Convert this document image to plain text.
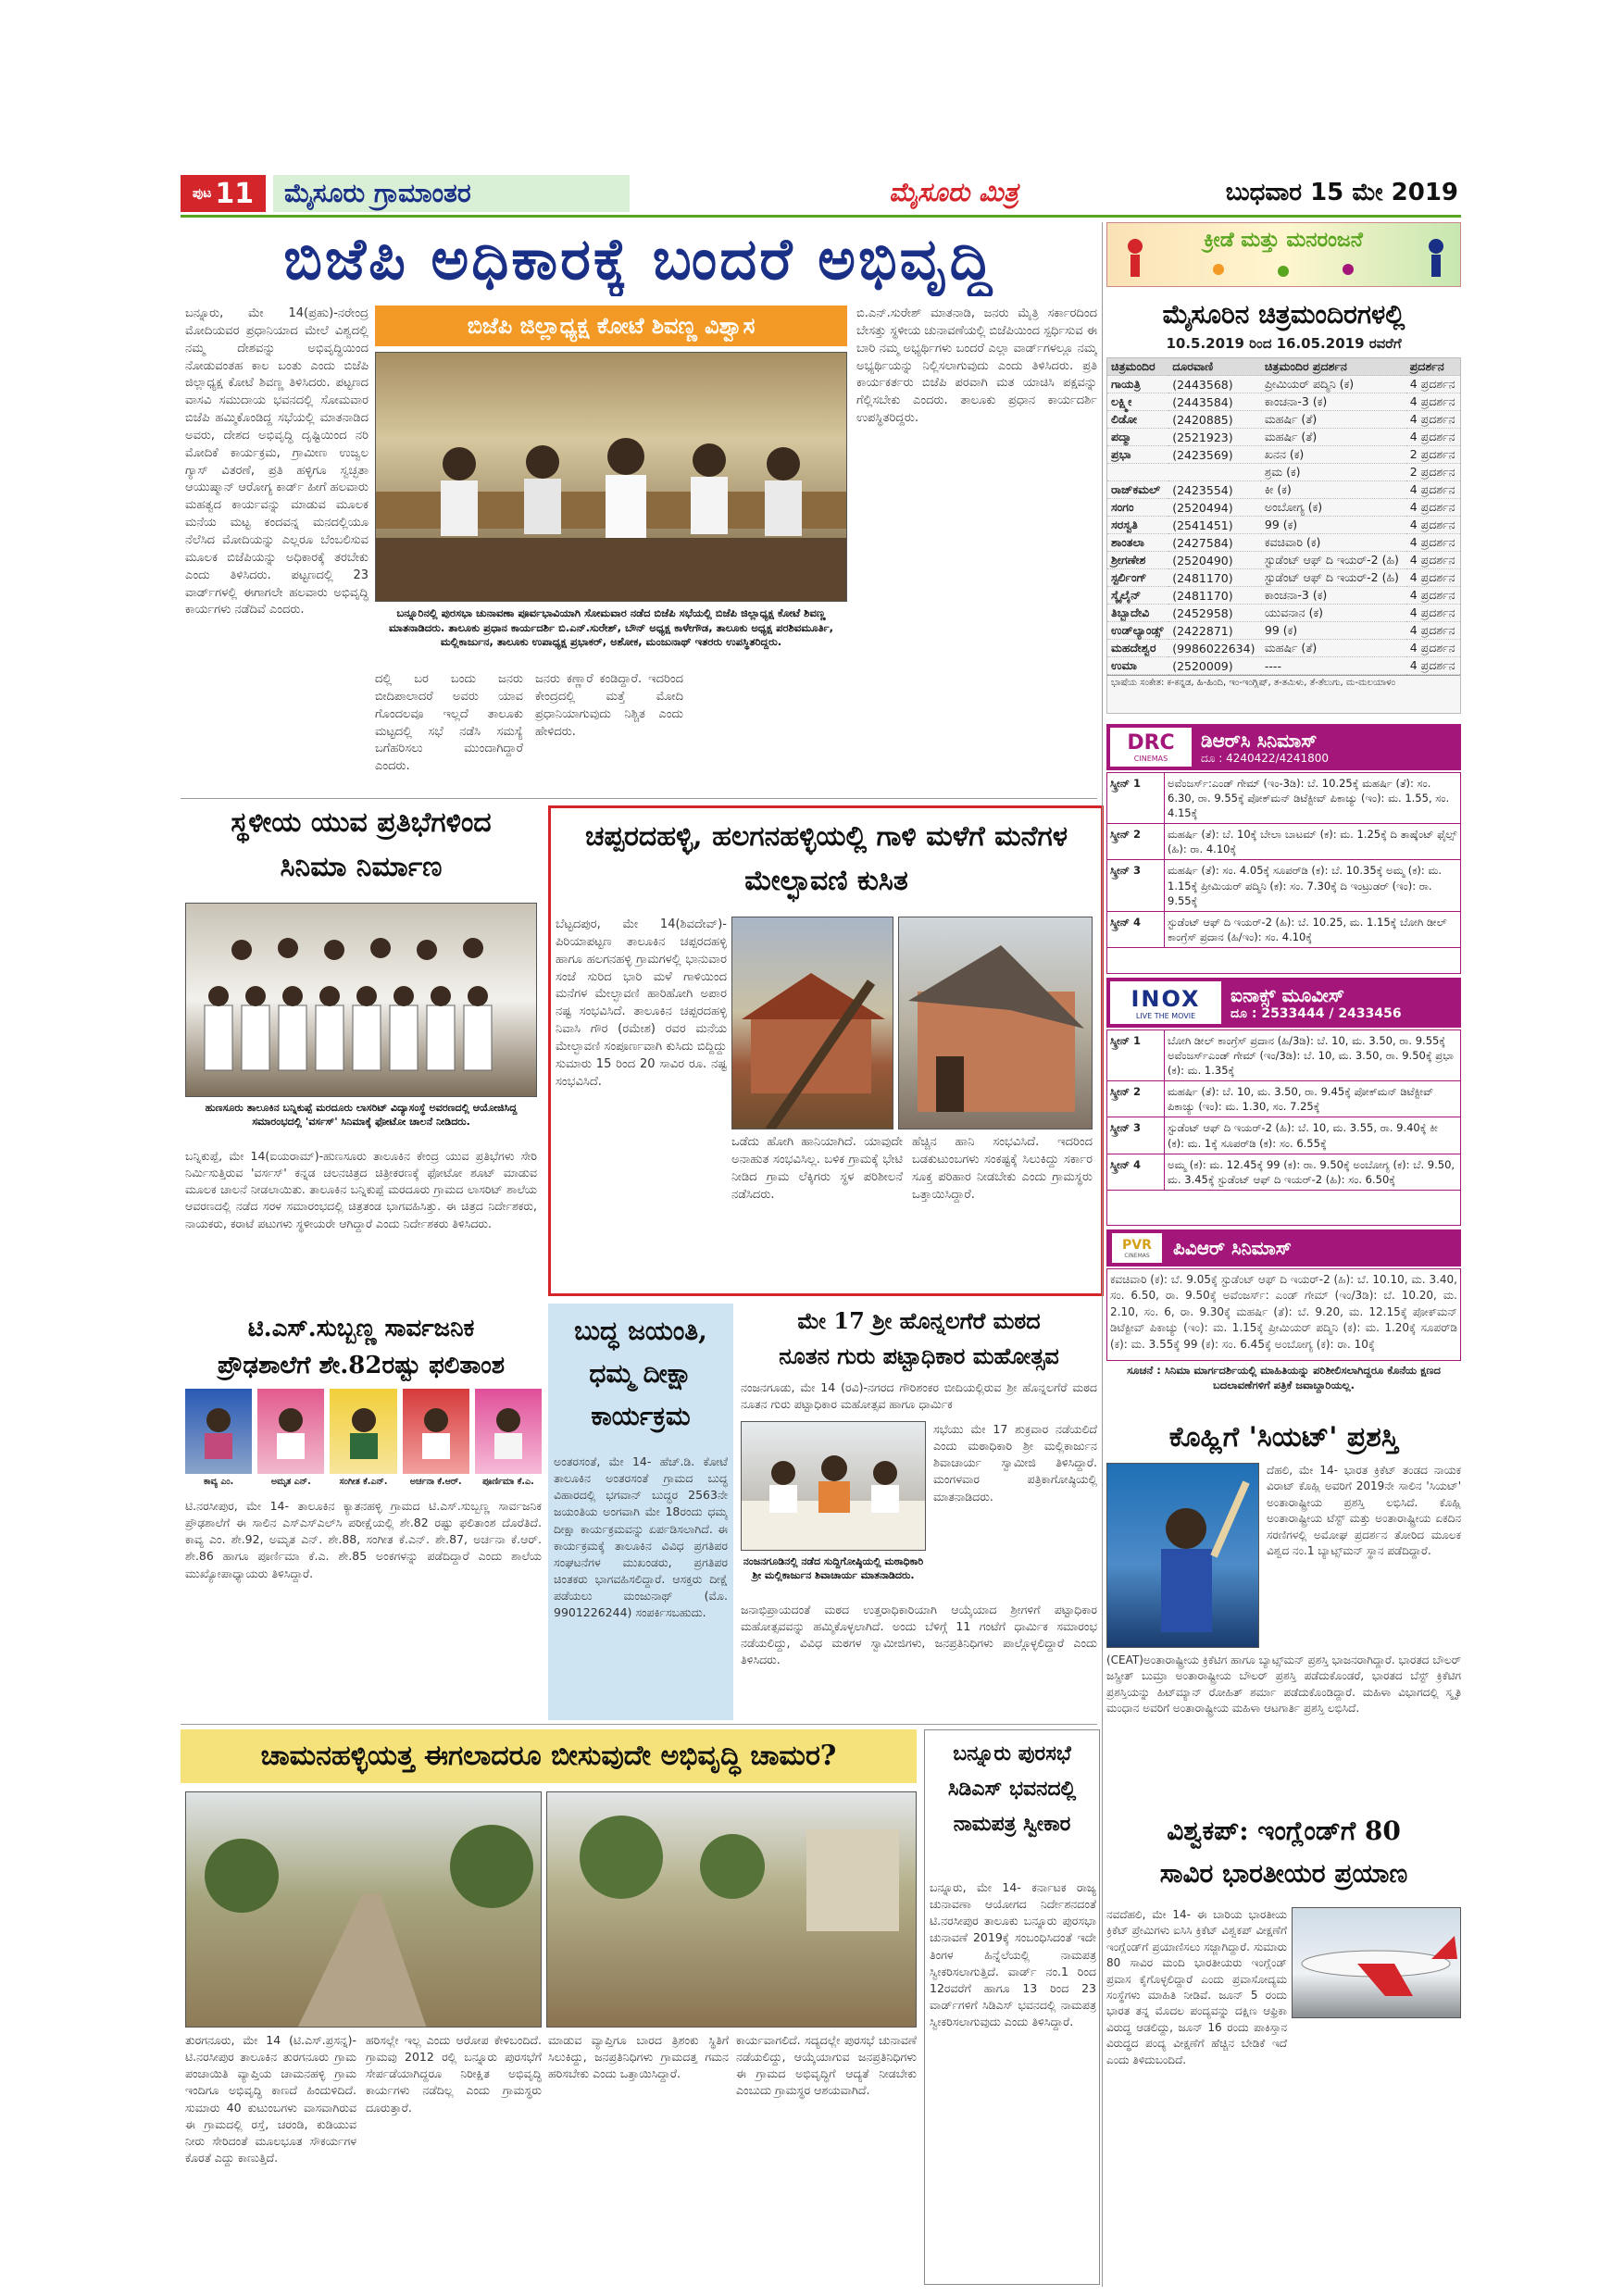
ಪುಟ 11 ಮೈಸೂರು ಗ್ರಾಮಾಂತರ	ಮೈಸೂರು ಮಿತ್ರ	ಬುಧವಾರ 15 ಮೇ 2019
ಬಿಜೆಪಿ ಅಧಿಕಾರಕ್ಕೆ ಬಂದರೆ ಅಭಿವೃದ್ಧಿ
ಬಿಜೆಪಿ ಜಿಲ್ಲಾಧ್ಯಕ್ಷ ಕೋಟೆ ಶಿವಣ್ಣ ವಿಶ್ವಾಸ
ಬನ್ನೂರು, ಮೇ 14(ಪ್ರಹು)-ನರೇಂದ್ರ ಮೋದಿಯವರ ಪ್ರಧಾನಿಯಾದ ಮೇಲೆ ವಿಶ್ವದಲ್ಲಿ ನಮ್ಮ ದೇಶವನ್ನು ಅಭಿವೃದ್ಧಿಯಿಂದ ನೋಡುವಂತಹ ಕಾಲ ಬಂತು ಎಂದು ಬಿಜೆಪಿ ಜಿಲ್ಲಾಧ್ಯಕ್ಷ ಕೋಟೆ ಶಿವಣ್ಣ ತಿಳಿಸಿದರು. ಪಟ್ಟಣದ ವಾಸವಿ ಸಮುದಾಯ ಭವನದಲ್ಲಿ ಸೋಮವಾರ ಬಿಜೆಪಿ ಹಮ್ಮಿಕೊಂಡಿದ್ದ ಸಭೆಯಲ್ಲಿ ಮಾತನಾಡಿದ ಅವರು, ದೇಶದ ಅಭಿವೃದ್ಧಿ ದೃಷ್ಟಿಯಿಂದ ನರಿ ಮೋದಿಕೆ ಕಾರ್ಯಕ್ರಮ, ಗ್ರಾಮೀಣ ಉಜ್ವಲ ಗ್ಯಾಸ್ ವಿತರಣೆ, ಪ್ರತಿ ಹಳ್ಳಿಗೂ ಸ್ವಚ್ಛತಾ ಆಯುಷ್ಮಾನ್ ಆರೋಗ್ಯ ಕಾರ್ಡ್ ಹೀಗೆ ಹಲವಾರು ಮಹತ್ವದ ಕಾರ್ಯವನ್ನು ಮಾಡುವ ಮೂಲಕ ಮನೆಯ ಮಟ್ಟ ಕಂದವನ್ನ ಮನದಲ್ಲಿಯೂ ನೆಲೆಸಿದ ಮೋದಿಯನ್ನು ಎಲ್ಲರೂ ಬೆಂಬಲಿಸುವ ಮೂಲಕ ಬಿಜೆಪಿಯನ್ನು ಅಧಿಕಾರಕ್ಕೆ ತರಬೇಕು ಎಂದು ತಿಳಿಸಿದರು. ಪಟ್ಟಣದಲ್ಲಿ 23 ವಾರ್ಡ್‌ಗಳಲ್ಲಿ ಈಗಾಗಲೇ ಹಲವಾರು ಅಭಿವೃದ್ಧಿ ಕಾರ್ಯಗಳು ನಡೆದಿವೆ ಎಂದರು.	ಬನ್ನೂರಿನಲ್ಲಿ ಪುರಸಭಾ ಚುನಾವಣಾ ಪೂರ್ವಭಾವಿಯಾಗಿ ಸೋಮವಾರ ನಡೆದ ಬಿಜೆಪಿ ಸಭೆಯಲ್ಲಿ ಬಿಜೆಪಿ ಜಿಲ್ಲಾಧ್ಯಕ್ಷ ಕೋಟೆ ಶಿವಣ್ಣ ಮಾತನಾಡಿದರು. ತಾಲೂಕು ಪ್ರಧಾನ ಕಾರ್ಯದರ್ಶಿ ಬಿ.ಎನ್.ಸುರೇಶ್, ಬೌನ್ ಅಧ್ಯಕ್ಷ ಕಾಳೇಗೌಡ, ತಾಲೂಕು ಅಧ್ಯಕ್ಷ ಪರಶಿವಮೂರ್ತಿ, ಮಲ್ಲಿಕಾರ್ಜುನ, ತಾಲೂಕು ಉಪಾಧ್ಯಕ್ಷ ಪ್ರಭಾಕರ್, ಅಶೋಕ, ಮಂಜುನಾಥ್ ಇತರರು ಉಪಸ್ಥಿತರಿದ್ದರು.
ದಲ್ಲಿ ಬರ ಬಂದು ಜನರು ಬೀದಿಪಾಲಾದರೆ ಅವರು ಯಾವ ಗೊಂದಲವೂ ಇಲ್ಲದೆ ತಾಲೂಕು ಮಟ್ಟದಲ್ಲಿ ಸಭೆ ನಡೆಸಿ ಸಮಸ್ಯೆ ಬಗೆಹರಿಸಲು ಮುಂದಾಗಿದ್ದಾರೆ ಎಂದರು.
ಜನರು ಕಣ್ಣಾರೆ ಕಂಡಿದ್ದಾರೆ. ಇದರಿಂದ ಕೇಂದ್ರದಲ್ಲಿ ಮತ್ತೆ ಮೋದಿ ಪ್ರಧಾನಿಯಾಗುವುದು ನಿಶ್ಚಿತ ಎಂದು ಹೇಳಿದರು.
ಬಿ.ಎನ್.ಸುರೇಶ್ ಮಾತನಾಡಿ, ಜನರು ಮೈತ್ರಿ ಸರ್ಕಾರದಿಂದ ಬೇಸತ್ತು ಸ್ಥಳೀಯ ಚುನಾವಣೆಯಲ್ಲಿ ಬಿಜೆಪಿಯಿಂದ ಸ್ಪರ್ಧಿಸುವ ಈ ಬಾರಿ ನಮ್ಮ ಅಭ್ಯರ್ಥಿಗಳು ಬಂದರೆ ಎಲ್ಲಾ ವಾರ್ಡ್‌ಗಳಲ್ಲೂ ನಮ್ಮ ಅಭ್ಯರ್ಥಿಯನ್ನು ನಿಲ್ಲಿಸಲಾಗುವುದು ಎಂದು ತಿಳಿಸಿದರು. ಪ್ರತಿ ಕಾರ್ಯಕರ್ತರು ಬಿಜೆಪಿ ಪರವಾಗಿ ಮತ ಯಾಚಿಸಿ ಪಕ್ಷವನ್ನು ಗೆಲ್ಲಿಸಬೇಕು ಎಂದರು. ತಾಲೂಕು ಪ್ರಧಾನ ಕಾರ್ಯದರ್ಶಿ ಉಪಸ್ಥಿತರಿದ್ದರು.
ಸ್ಥಳೀಯ ಯುವ ಪ್ರತಿಭೆಗಳಿಂದ
ಸಿನಿಮಾ ನಿರ್ಮಾಣ
ಹುಣಸೂರು ತಾಲೂಕಿನ ಬನ್ನಿಕುಪ್ಪೆ ಮರದೂರು ಲಾಸರಿಟ್ ವಿದ್ಯಾಸಂಸ್ಥೆ ಅವರಣದಲ್ಲಿ ಆಯೋಜಿಸಿದ್ದ ಸಮಾರಂಭದಲ್ಲಿ 'ವರ್ಸಸ್' ಸಿನಿಮಾಕ್ಕೆ ಫೋಟೋ ಚಾಲನೆ ನೀಡಿದರು.
ಬನ್ನಿಕುಪ್ಪೆ, ಮೇ 14(ಐಯರಾಮ್)-ಹುಣಸೂರು ತಾಲೂಕಿನ ಕೇಂದ್ರ ಯುವ ಪ್ರತಿಭೆಗಳು ಸೇರಿ ನಿರ್ಮಿಸುತ್ತಿರುವ 'ವರ್ಸಸ್' ಕನ್ನಡ ಚಲನಚಿತ್ರದ ಚಿತ್ರೀಕರಣಕ್ಕೆ ಫೋಟೋ ಶೂಟ್ ಮಾಡುವ ಮೂಲಕ ಚಾಲನೆ ನೀಡಲಾಯಿತು. ತಾಲೂಕಿನ ಬನ್ನಿಕುಪ್ಪೆ ಮರದೂರು ಗ್ರಾಮದ ಲಾಸರಿಟ್ ಶಾಲೆಯ ಆವರಣದಲ್ಲಿ ನಡೆದ ಸರಳ ಸಮಾರಂಭದಲ್ಲಿ ಚಿತ್ರತಂಡ ಭಾಗವಹಿಸಿತ್ತು. ಈ ಚಿತ್ರದ ನಿರ್ದೇಶಕರು, ನಾಯಕರು, ಕರಾಟೆ ಪಟುಗಳು ಸ್ಥಳೀಯರೇ ಆಗಿದ್ದಾರೆ ಎಂದು ನಿರ್ದೇಶಕರು ತಿಳಿಸಿದರು.
ಚಪ್ಪರದಹಳ್ಳಿ, ಹಲಗನಹಳ್ಳಿಯಲ್ಲಿ ಗಾಳಿ ಮಳೆಗೆ ಮನೆಗಳ ಮೇಲ್ಛಾವಣಿ ಕುಸಿತ
ಬೆಟ್ಟದಪುರ, ಮೇ 14(ಶಿವದೇವ್)-ಪಿರಿಯಾಪಟ್ಟಣ ತಾಲೂಕಿನ ಚಪ್ಪರದಹಳ್ಳಿ ಹಾಗೂ ಹಲಗನಹಳ್ಳಿ ಗ್ರಾಮಗಳಲ್ಲಿ ಭಾನುವಾರ ಸಂಜೆ ಸುರಿದ ಭಾರಿ ಮಳೆ ಗಾಳಿಯಿಂದ ಮನೆಗಳ ಮೇಲ್ಛಾವಣಿ ಹಾರಿಹೋಗಿ ಅಪಾರ ನಷ್ಟ ಸಂಭವಿಸಿದೆ. ತಾಲೂಕಿನ ಚಪ್ಪರದಹಳ್ಳಿ ನಿವಾಸಿ ಗೌರ (ರಮೇಶ) ರವರ ಮನೆಯ ಮೇಲ್ಛಾವಣಿ ಸಂಪೂರ್ಣವಾಗಿ ಕುಸಿದು ಬಿದ್ದಿದ್ದು ಸುಮಾರು 15 ರಿಂದ 20 ಸಾವಿರ ರೂ. ನಷ್ಟ ಸಂಭವಿಸಿದೆ.
ಒಡೆದು ಹೋಗಿ ಹಾನಿಯಾಗಿದೆ. ಯಾವುದೇ ಅನಾಹುತ ಸಂಭವಿಸಿಲ್ಲ. ಬಳಿಕ ಗ್ರಾಮಕ್ಕೆ ಭೇಟಿ ನೀಡಿದ ಗ್ರಾಮ ಲೆಕ್ಕಿಗರು ಸ್ಥಳ ಪರಿಶೀಲನೆ ನಡೆಸಿದರು.
ಹೆಚ್ಚಿನ ಹಾನಿ ಸಂಭವಿಸಿದೆ. ಇದರಿಂದ ಬಡಕುಟುಂಬಗಳು ಸಂಕಷ್ಟಕ್ಕೆ ಸಿಲುಕಿದ್ದು ಸರ್ಕಾರ ಸೂಕ್ತ ಪರಿಹಾರ ನೀಡಬೇಕು ಎಂದು ಗ್ರಾಮಸ್ಥರು ಒತ್ತಾಯಿಸಿದ್ದಾರೆ.
ಬುದ್ಧ ಜಯಂತಿ, ಧಮ್ಮ ದೀಕ್ಷಾ ಕಾರ್ಯಕ್ರಮ
ಅಂತರಸಂತೆ, ಮೇ 14- ಹೆಚ್.ಡಿ. ಕೋಟೆ ತಾಲೂಕಿನ ಅಂತರಸಂತೆ ಗ್ರಾಮದ ಬುದ್ಧ ವಿಹಾರದಲ್ಲಿ ಭಗವಾನ್ ಬುದ್ಧರ 2563ನೇ ಜಯಂತಿಯ ಅಂಗವಾಗಿ ಮೇ 18ರಂದು ಧಮ್ಮ ದೀಕ್ಷಾ ಕಾರ್ಯಕ್ರಮವನ್ನು ಏರ್ಪಡಿಸಲಾಗಿದೆ. ಈ ಕಾರ್ಯಕ್ರಮಕ್ಕೆ ತಾಲೂಕಿನ ವಿವಿಧ ಪ್ರಗತಿಪರ ಸಂಘಟನೆಗಳ ಮುಖಂಡರು, ಪ್ರಗತಿಪರ ಚಿಂತಕರು ಭಾಗವಹಿಸಲಿದ್ದಾರೆ. ಆಸಕ್ತರು ದೀಕ್ಷೆ ಪಡೆಯಲು ಮಂಜುನಾಥ್ (ಮೊ. 9901226244) ಸಂಪರ್ಕಿಸಬಹುದು.
ಮೇ 17 ಶ್ರೀ ಹೊನ್ನಲಗೆರೆ ಮಠದ
ನೂತನ ಗುರು ಪಟ್ಟಾಧಿಕಾರ ಮಹೋತ್ಸವ
ನಂಜನಗೂಡು, ಮೇ 14 (ರವಿ)-ನಗರದ ಗೌರಿಶಂಕರ ಬೀದಿಯಲ್ಲಿರುವ ಶ್ರೀ ಹೊನ್ನಲಗೆರೆ ಮಠದ ನೂತನ ಗುರು ಪಟ್ಟಾಧಿಕಾರ ಮಹೋತ್ಸವ ಹಾಗೂ ಧಾರ್ಮಿಕ
ಸಭೆಯು ಮೇ 17 ಶುಕ್ರವಾರ ನಡೆಯಲಿದೆ ಎಂದು ಮಠಾಧಿಕಾರಿ ಶ್ರೀ ಮಲ್ಲಿಕಾರ್ಜುನ ಶಿವಾಚಾರ್ಯ ಸ್ವಾಮೀಜಿ ತಿಳಿಸಿದ್ದಾರೆ. ಮಂಗಳವಾರ ಪತ್ರಿಕಾಗೋಷ್ಠಿಯಲ್ಲಿ ಮಾತನಾಡಿದರು.
ನಂಜನಗೂಡಿನಲ್ಲಿ ನಡೆದ ಸುದ್ದಿಗೋಷ್ಠಿಯಲ್ಲಿ ಮಠಾಧಿಕಾರಿ ಶ್ರೀ ಮಲ್ಲಿಕಾರ್ಜುನ ಶಿವಾಚಾರ್ಯ ಮಾತನಾಡಿದರು.
ಜನಾಭಿಪ್ರಾಯದಂತೆ ಮಠದ ಉತ್ತರಾಧಿಕಾರಿಯಾಗಿ ಆಯ್ಕೆಯಾದ ಶ್ರೀಗಳಿಗೆ ಪಟ್ಟಾಧಿಕಾರ ಮಹೋತ್ಸವವನ್ನು ಹಮ್ಮಿಕೊಳ್ಳಲಾಗಿದೆ. ಅಂದು ಬೆಳಿಗ್ಗೆ 11 ಗಂಟೆಗೆ ಧಾರ್ಮಿಕ ಸಮಾರಂಭ ನಡೆಯಲಿದ್ದು, ವಿವಿಧ ಮಠಗಳ ಸ್ವಾಮೀಜಿಗಳು, ಜನಪ್ರತಿನಿಧಿಗಳು ಪಾಲ್ಗೊಳ್ಳಲಿದ್ದಾರೆ ಎಂದು ತಿಳಿಸಿದರು.
ಟಿ.ಎಸ್.ಸುಬ್ಬಣ್ಣ ಸಾರ್ವಜನಿಕ
ಪ್ರೌಢಶಾಲೆಗೆ ಶೇ.82ರಷ್ಟು ಫಲಿತಾಂಶ
ಕಾವ್ಯ ಎಂ.	ಅಮೃತ ಎನ್.	ಸಂಗೀತ ಕೆ.ಎನ್.	ಅರ್ಚನಾ ಕೆ.ಆರ್.	ಪೂರ್ಣಿಮಾ ಕೆ.ಎ.
ಟಿ.ನರಸೀಪುರ, ಮೇ 14- ತಾಲೂಕಿನ ಕ್ಯಾತನಹಳ್ಳಿ ಗ್ರಾಮದ ಟಿ.ಎಸ್.ಸುಬ್ಬಣ್ಣ ಸಾರ್ವಜನಿಕ ಪ್ರೌಢಶಾಲೆಗೆ ಈ ಸಾಲಿನ ಎಸ್‌ಎಸ್‌ಎಲ್‌ಸಿ ಪರೀಕ್ಷೆಯಲ್ಲಿ ಶೇ.82 ರಷ್ಟು ಫಲಿತಾಂಶ ದೊರೆತಿದೆ. ಕಾವ್ಯ ಎಂ. ಶೇ.92, ಅಮೃತ ಎನ್. ಶೇ.88, ಸಂಗೀತ ಕೆ.ಎನ್. ಶೇ.87, ಅರ್ಚನಾ ಕೆ.ಆರ್. ಶೇ.86 ಹಾಗೂ ಪೂರ್ಣಿಮಾ ಕೆ.ಎ. ಶೇ.85 ಅಂಕಗಳನ್ನು ಪಡೆದಿದ್ದಾರೆ ಎಂದು ಶಾಲೆಯ ಮುಖ್ಯೋಪಾಧ್ಯಾಯರು ತಿಳಿಸಿದ್ದಾರೆ.
ಚಾಮನಹಳ್ಳಿಯತ್ತ ಈಗಲಾದರೂ ಬೀಸುವುದೇ ಅಭಿವೃದ್ಧಿ ಚಾಮರ?
ತುರಗನೂರು, ಮೇ 14 (ಟಿ.ಎಸ್.ಪ್ರಸನ್ನ)-ಟಿ.ನರಸೀಪುರ ತಾಲೂಕಿನ ತುರಗನೂರು ಗ್ರಾಮ ಪಂಚಾಯಿತಿ ವ್ಯಾಪ್ತಿಯ ಚಾಮನಹಳ್ಳಿ ಗ್ರಾಮ ಇಂದಿಗೂ ಅಭಿವೃದ್ಧಿ ಕಾಣದೆ ಹಿಂದುಳಿದಿದೆ. ಸುಮಾರು 40 ಕುಟುಂಬಗಳು ವಾಸವಾಗಿರುವ ಈ ಗ್ರಾಮದಲ್ಲಿ ರಸ್ತೆ, ಚರಂಡಿ, ಕುಡಿಯುವ ನೀರು ಸೇರಿದಂತೆ ಮೂಲಭೂತ ಸೌಕರ್ಯಗಳ ಕೊರತೆ ಎದ್ದು ಕಾಣುತ್ತಿದೆ.
ಹರಿಸಲ್ಲೇ ಇಲ್ಲ ಎಂದು ಆರೋಪ ಕೇಳಿಬಂದಿದೆ. ಗ್ರಾಮವು 2012 ರಲ್ಲಿ ಬನ್ನೂರು ಪುರಸಭೆಗೆ ಸೇರ್ಪಡೆಯಾಗಿದ್ದರೂ ನಿರೀಕ್ಷಿತ ಅಭಿವೃದ್ಧಿ ಕಾರ್ಯಗಳು ನಡೆದಿಲ್ಲ ಎಂದು ಗ್ರಾಮಸ್ಥರು ದೂರುತ್ತಾರೆ.
ಮಾಡುವ ವ್ಯಾಪ್ತಿಗೂ ಬಾರದ ತ್ರಿಶಂಕು ಸ್ಥಿತಿಗೆ ಸಿಲುಕಿದ್ದು, ಜನಪ್ರತಿನಿಧಿಗಳು ಗ್ರಾಮದತ್ತ ಗಮನ ಹರಿಸಬೇಕು ಎಂದು ಒತ್ತಾಯಿಸಿದ್ದಾರೆ.
ಕಾರ್ಯವಾಗಲಿದೆ. ಸದ್ಯದಲ್ಲೇ ಪುರಸಭೆ ಚುನಾವಣೆ ನಡೆಯಲಿದ್ದು, ಆಯ್ಕೆಯಾಗುವ ಜನಪ್ರತಿನಿಧಿಗಳು ಈ ಗ್ರಾಮದ ಅಭಿವೃದ್ಧಿಗೆ ಆದ್ಯತೆ ನೀಡಬೇಕು ಎಂಬುದು ಗ್ರಾಮಸ್ಥರ ಆಶಯವಾಗಿದೆ.
ಬನ್ನೂರು ಪುರಸಭೆ ಸಿಡಿಎಸ್ ಭವನದಲ್ಲಿ ನಾಮಪತ್ರ ಸ್ವೀಕಾರ
ಬನ್ನೂರು, ಮೇ 14- ಕರ್ನಾಟಕ ರಾಜ್ಯ ಚುನಾವಣಾ ಆಯೋಗದ ನಿರ್ದೇಶನದಂತೆ ಟಿ.ನರಸೀಪುರ ತಾಲೂಕು ಬನ್ನೂರು ಪುರಸಭಾ ಚುನಾವಣೆ 2019ಕ್ಕೆ ಸಂಬಂಧಿಸಿದಂತೆ ಇದೇ ತಿಂಗಳ ಹಿನ್ನೆಲೆಯಲ್ಲಿ ನಾಮಪತ್ರ ಸ್ವೀಕರಿಸಲಾಗುತ್ತಿದೆ. ವಾರ್ಡ್ ನಂ.1 ರಿಂದ 12ರವರೆಗೆ ಹಾಗೂ 13 ರಿಂದ 23 ವಾರ್ಡ್‌ಗಳಿಗೆ ಸಿಡಿಎಸ್ ಭವನದಲ್ಲಿ ನಾಮಪತ್ರ ಸ್ವೀಕರಿಸಲಾಗುವುದು ಎಂದು ತಿಳಿಸಿದ್ದಾರೆ.
ಕ್ರೀಡೆ ಮತ್ತು ಮನರಂಜನೆ
ಮೈಸೂರಿನ ಚಿತ್ರಮಂದಿರಗಳಲ್ಲಿ
10.5.2019 ರಿಂದ 16.05.2019 ರವರೆಗೆ
ಚಿತ್ರಮಂದಿರ	ದೂರವಾಣಿ	ಚಿತ್ರಮಂದಿರ ಪ್ರದರ್ಶನ	ಪ್ರದರ್ಶನ
ಗಾಯತ್ರಿ	(2443568)	ಪ್ರೀಮಿಯರ್ ಪದ್ಮಿನಿ (ಕ)	4 ಪ್ರದರ್ಶನ
ಲಕ್ಷ್ಮೀ	(2443584)	ಕಾಂಚನಾ-3 (ಕ)	4 ಪ್ರದರ್ಶನ
ಲಿಡೋ	(2420885)	ಮಹರ್ಷಿ (ತೆ)	4 ಪ್ರದರ್ಶನ
ಪದ್ಮಾ	(2521923)	ಮಹರ್ಷಿ (ತೆ)	4 ಪ್ರದರ್ಶನ
ಪ್ರಭಾ	(2423569)	ಖನನ (ಕ)	2 ಪ್ರದರ್ಶನ
		ಶ್ರಮ (ಕ)	2 ಪ್ರದರ್ಶನ
ರಾಜ್‌ಕಮಲ್	(2423554)	ಕೀ (ಕ)	4 ಪ್ರದರ್ಶನ
ಸಂಗಂ	(2520494)	ಅಂಬೋಗ್ಯ (ಕ)	4 ಪ್ರದರ್ಶನ
ಸರಸ್ವತಿ	(2541451)	99 (ಕ)	4 ಪ್ರದರ್ಶನ
ಶಾಂತಲಾ	(2427584)	ಕವಚಿವಾರಿ (ಕ)	4 ಪ್ರದರ್ಶನ
ಶ್ರೀಗಣೇಶ	(2520490)	ಸ್ಟುಡೆಂಟ್ ಆಫ್ ದಿ ಇಯರ್-2 (ಹಿ)	4 ಪ್ರದರ್ಶನ
ಸ್ಟರ್ಲಿಂಗ್	(2481170)	ಸ್ಟುಡೆಂಟ್ ಆಫ್ ದಿ ಇಯರ್-2 (ಹಿ)	4 ಪ್ರದರ್ಶನ
ಸ್ಕೈಲೈನ್	(2481170)	ಕಾಂಚನಾ-3 (ಕ)	4 ಪ್ರದರ್ಶನ
ತಿಬ್ಬಾದೇವಿ	(2452958)	ಯುವನಾನ (ಕ)	4 ಪ್ರದರ್ಶನ
ಉಡ್‌ಲ್ಯಾಂಡ್ಸ್	(2422871)	99 (ಕ)	4 ಪ್ರದರ್ಶನ
ಮಹದೇಶ್ವರ	(9986022634)	ಮಹರ್ಷಿ (ತೆ)	4 ಪ್ರದರ್ಶನ
ಉಮಾ	(2520009)	----	4 ಪ್ರದರ್ಶನ
ಭಾಷೆಯ ಸಂಕೇತ: ಕ-ಕನ್ನಡ, ಹಿ-ಹಿಂದಿ, ಇಂ-ಇಂಗ್ಲಿಷ್, ತ-ತಮಿಳು, ತೆ-ತೆಲುಗು, ಮ-ಮಲಯಾಳಂ
DRC
CINEMAS
ಡಿಆರ್‌ಸಿ ಸಿನಿಮಾಸ್
ದೂ : 4240422/4241800
ಸ್ಕ್ರೀನ್ 1	ಅವೆಂಜರ್ಸ್:ಎಂಡ್ ಗೇಮ್ (ಇಂ-3ಡಿ): ಬೆ. 10.25ಕ್ಕೆ ಮಹರ್ಷಿ (ತೆ): ಸಂ. 6.30, ರಾ. 9.55ಕ್ಕೆ ಪೋಕ್‌ಮನ್ ಡಿಟೆಕ್ಟೀವ್ ಪಿಕಾಚ್ಯು (ಇಂ): ಮ. 1.55, ಸಂ. 4.15ಕ್ಕೆ
ಸ್ಕ್ರೀನ್ 2	ಮಹರ್ಷಿ (ತೆ): ಬೆ. 10ಕ್ಕೆ ಬೇಲಾ ಬಾಟಮ್ (ಕ): ಮ. 1.25ಕ್ಕೆ ದಿ ತಾಷ್ಕೆಂಟ್ ಫೈಲ್ಸ್ (ಹಿ): ರಾ. 4.10ಕ್ಕೆ
ಸ್ಕ್ರೀನ್ 3	ಮಹರ್ಷಿ (ತೆ): ಸಂ. 4.05ಕ್ಕೆ ಸೂಪರ್‌ಡಿ (ಕ): ಬೆ. 10.35ಕ್ಕೆ ಅಮ್ಮ (ಕ): ಮ. 1.15ಕ್ಕೆ ಪ್ರೀಮಿಯರ್ ಪದ್ಮಿನಿ (ಕ): ಸಂ. 7.30ಕ್ಕೆ ದಿ ಇಂಟ್ರುಡರ್ (ಇಂ): ರಾ. 9.55ಕ್ಕೆ
ಸ್ಕ್ರೀನ್ 4	ಸ್ಟುಡೆಂಟ್ ಆಫ್ ದಿ ಇಯರ್-2 (ಹಿ): ಬೆ. 10.25, ಮ. 1.15ಕ್ಕೆ ಬೋಗಿ ಡೀಲ್ ಕಾಂಗ್ರೆಸ್ ಪ್ರದಾನ (ಹಿ/ಇಂ): ಸಂ. 4.10ಕ್ಕೆ
INOX
LIVE THE MOVIE
ಐನಾಕ್ಸ್ ಮೂವೀಸ್
ದೂ : 2533444 / 2433456
ಸ್ಕ್ರೀನ್ 1	ಬೋಗಿ ಡೀಲ್ ಕಾಂಗ್ರೆಸ್ ಪ್ರದಾನ (ಹಿ/3ಡಿ): ಬೆ. 10, ಮ. 3.50, ರಾ. 9.55ಕ್ಕೆ ಅವೆಂಜರ್ಸ್‌ಎಂಡ್ ಗೇಮ್ (ಇಂ/3ಡಿ): ಬೆ. 10, ಮ. 3.50, ರಾ. 9.50ಕ್ಕೆ ಪ್ರಭಾ (ಕ): ಮ. 1.35ಕ್ಕೆ
ಸ್ಕ್ರೀನ್ 2	ಮಹರ್ಷಿ (ತೆ): ಬೆ. 10, ಮ. 3.50, ರಾ. 9.45ಕ್ಕೆ ಪೋಕ್‌ಮನ್ ಡಿಟೆಕ್ಟೀವ್ ಪಿಕಾಚ್ಯು (ಇಂ): ಮ. 1.30, ಸಂ. 7.25ಕ್ಕೆ
ಸ್ಕ್ರೀನ್ 3	ಸ್ಟುಡೆಂಟ್ ಆಫ್ ದಿ ಇಯರ್-2 (ಹಿ): ಬೆ. 10, ಮ. 3.55, ರಾ. 9.40ಕ್ಕೆ ಕೀ (ಕ): ಮ. 1ಕ್ಕೆ ಸೂಪರ್‌ಡಿ (ಕ): ಸಂ. 6.55ಕ್ಕೆ
ಸ್ಕ್ರೀನ್ 4	ಅಮ್ಮ (ಕ): ಮ. 12.45ಕ್ಕೆ 99 (ಕ): ರಾ. 9.50ಕ್ಕೆ ಅಂಬೋಗ್ಯ (ಕ): ಬೆ. 9.50, ಮ. 3.45ಕ್ಕೆ ಸ್ಟುಡೆಂಟ್ ಆಫ್ ದಿ ಇಯರ್-2 (ಹಿ): ಸಂ. 6.50ಕ್ಕೆ
PVR
CINEMAS ಪಿವಿಆರ್ ಸಿನಿಮಾಸ್
ಕವಚಿವಾರಿ (ಕ): ಬೆ. 9.05ಕ್ಕೆ ಸ್ಟುಡೆಂಟ್ ಆಫ್ ದಿ ಇಯರ್-2 (ಹಿ): ಬೆ. 10.10, ಮ. 3.40, ಸಂ. 6.50, ರಾ. 9.50ಕ್ಕೆ ಅವೆಂಜರ್ಸ್: ಎಂಡ್ ಗೇಮ್ (ಇಂ/3ಡಿ): ಬೆ. 10.20, ಮ. 2.10, ಸಂ. 6, ರಾ. 9.30ಕ್ಕೆ ಮಹರ್ಷಿ (ತೆ): ಬೆ. 9.20, ಮ. 12.15ಕ್ಕೆ ಪೋಕ್‌ಮನ್ ಡಿಟೆಕ್ಟೀವ್ ಪಿಕಾಚ್ಯು (ಇಂ): ಮ. 1.15ಕ್ಕೆ ಪ್ರೀಮಿಯರ್ ಪದ್ಮಿನಿ (ಕ): ಮ. 1.20ಕ್ಕೆ ಸೂಪರ್‌ಡಿ (ಕ): ಮ. 3.55ಕ್ಕೆ 99 (ಕ): ಸಂ. 6.45ಕ್ಕೆ ಅಂಬೋಗ್ಯ (ಕ): ರಾ. 10ಕ್ಕೆ
ಸೂಚನೆ : ಸಿನಿಮಾ ಮಾರ್ಗದರ್ಶಿಯಲ್ಲಿ ಮಾಹಿತಿಯನ್ನು ಪರಿಶೀಲಿಸಲಾಗಿದ್ದರೂ ಕೊನೆಯ ಕ್ಷಣದ ಬದಲಾವಣೆಗಳಿಗೆ ಪತ್ರಿಕೆ ಜವಾಬ್ದಾರಿಯಲ್ಲ.
ಕೊಹ್ಲಿಗೆ 'ಸಿಯಟ್' ಪ್ರಶಸ್ತಿ
ದೆಹಲಿ, ಮೇ 14- ಭಾರತ ಕ್ರಿಕೆಟ್ ತಂಡದ ನಾಯಕ ವಿರಾಟ್ ಕೊಹ್ಲಿ ಅವರಿಗೆ 2019ನೇ ಸಾಲಿನ 'ಸಿಯಟ್' ಅಂತಾರಾಷ್ಟ್ರೀಯ ಪ್ರಶಸ್ತಿ ಲಭಿಸಿದೆ. ಕೊಹ್ಲಿ ಅಂತಾರಾಷ್ಟ್ರೀಯ ಟೆಸ್ಟ್ ಮತ್ತು ಅಂತಾರಾಷ್ಟ್ರೀಯ ಏಕದಿನ ಸರಣಿಗಳಲ್ಲಿ ಅಮೋಘ ಪ್ರದರ್ಶನ ತೋರಿದ ಮೂಲಕ ವಿಶ್ವದ ನಂ.1 ಬ್ಯಾಟ್ಸ್‌ಮನ್ ಸ್ಥಾನ ಪಡೆದಿದ್ದಾರೆ.
(CEAT)ಅಂತಾರಾಷ್ಟ್ರೀಯ ಕ್ರಿಕೆಟಿಗ ಹಾಗೂ ಬ್ಯಾಟ್ಸ್‌ಮನ್ ಪ್ರಶಸ್ತಿ ಭಾಜನರಾಗಿದ್ದಾರೆ. ಭಾರತದ ಬೌಲರ್ ಜಸ್ಪ್ರೀತ್ ಬುಮ್ರಾ ಅಂತಾರಾಷ್ಟ್ರೀಯ ಬೌಲರ್ ಪ್ರಶಸ್ತಿ ಪಡೆದುಕೊಂಡರೆ, ಭಾರತದ ಬೆಸ್ಟ್ ಕ್ರಿಕೆಟಿಗ ಪ್ರಶಸ್ತಿಯನ್ನು ಹಿಟ್‌ಮ್ಯಾನ್ ರೋಹಿತ್ ಶರ್ಮಾ ಪಡೆದುಕೊಂಡಿದ್ದಾರೆ. ಮಹಿಳಾ ವಿಭಾಗದಲ್ಲಿ ಸ್ಮೃತಿ ಮಂಧಾನ ಅವರಿಗೆ ಅಂತಾರಾಷ್ಟ್ರೀಯ ಮಹಿಳಾ ಆಟಗಾರ್ತಿ ಪ್ರಶಸ್ತಿ ಲಭಿಸಿದೆ.
ವಿಶ್ವಕಪ್: ಇಂಗ್ಲೆಂಡ್‌ಗೆ 80
ಸಾವಿರ ಭಾರತೀಯರ ಪ್ರಯಾಣ
ನವದೆಹಲಿ, ಮೇ 14- ಈ ಬಾರಿಯ ಭಾರತೀಯ ಕ್ರಿಕೆಟ್ ಪ್ರೇಮಿಗಳು ಐಸಿಸಿ ಕ್ರಿಕೆಟ್ ವಿಶ್ವಕಪ್ ವೀಕ್ಷಣೆಗೆ ಇಂಗ್ಲೆಂಡ್‌ಗೆ ಪ್ರಯಾಣಿಸಲು ಸಜ್ಜಾಗಿದ್ದಾರೆ. ಸುಮಾರು 80 ಸಾವಿರ ಮಂದಿ ಭಾರತೀಯರು ಇಂಗ್ಲೆಂಡ್ ಪ್ರವಾಸ ಕೈಗೊಳ್ಳಲಿದ್ದಾರೆ ಎಂದು ಪ್ರವಾಸೋದ್ಯಮ ಸಂಸ್ಥೆಗಳು ಮಾಹಿತಿ ನೀಡಿವೆ. ಜೂನ್ 5 ರಂದು ಭಾರತ ತನ್ನ ಮೊದಲ ಪಂದ್ಯವನ್ನು ದಕ್ಷಿಣ ಆಫ್ರಿಕಾ ವಿರುದ್ಧ ಆಡಲಿದ್ದು, ಜೂನ್ 16 ರಂದು ಪಾಕಿಸ್ತಾನ ವಿರುದ್ಧದ ಪಂದ್ಯ ವೀಕ್ಷಣೆಗೆ ಹೆಚ್ಚಿನ ಬೇಡಿಕೆ ಇದೆ ಎಂದು ತಿಳಿದುಬಂದಿದೆ.
